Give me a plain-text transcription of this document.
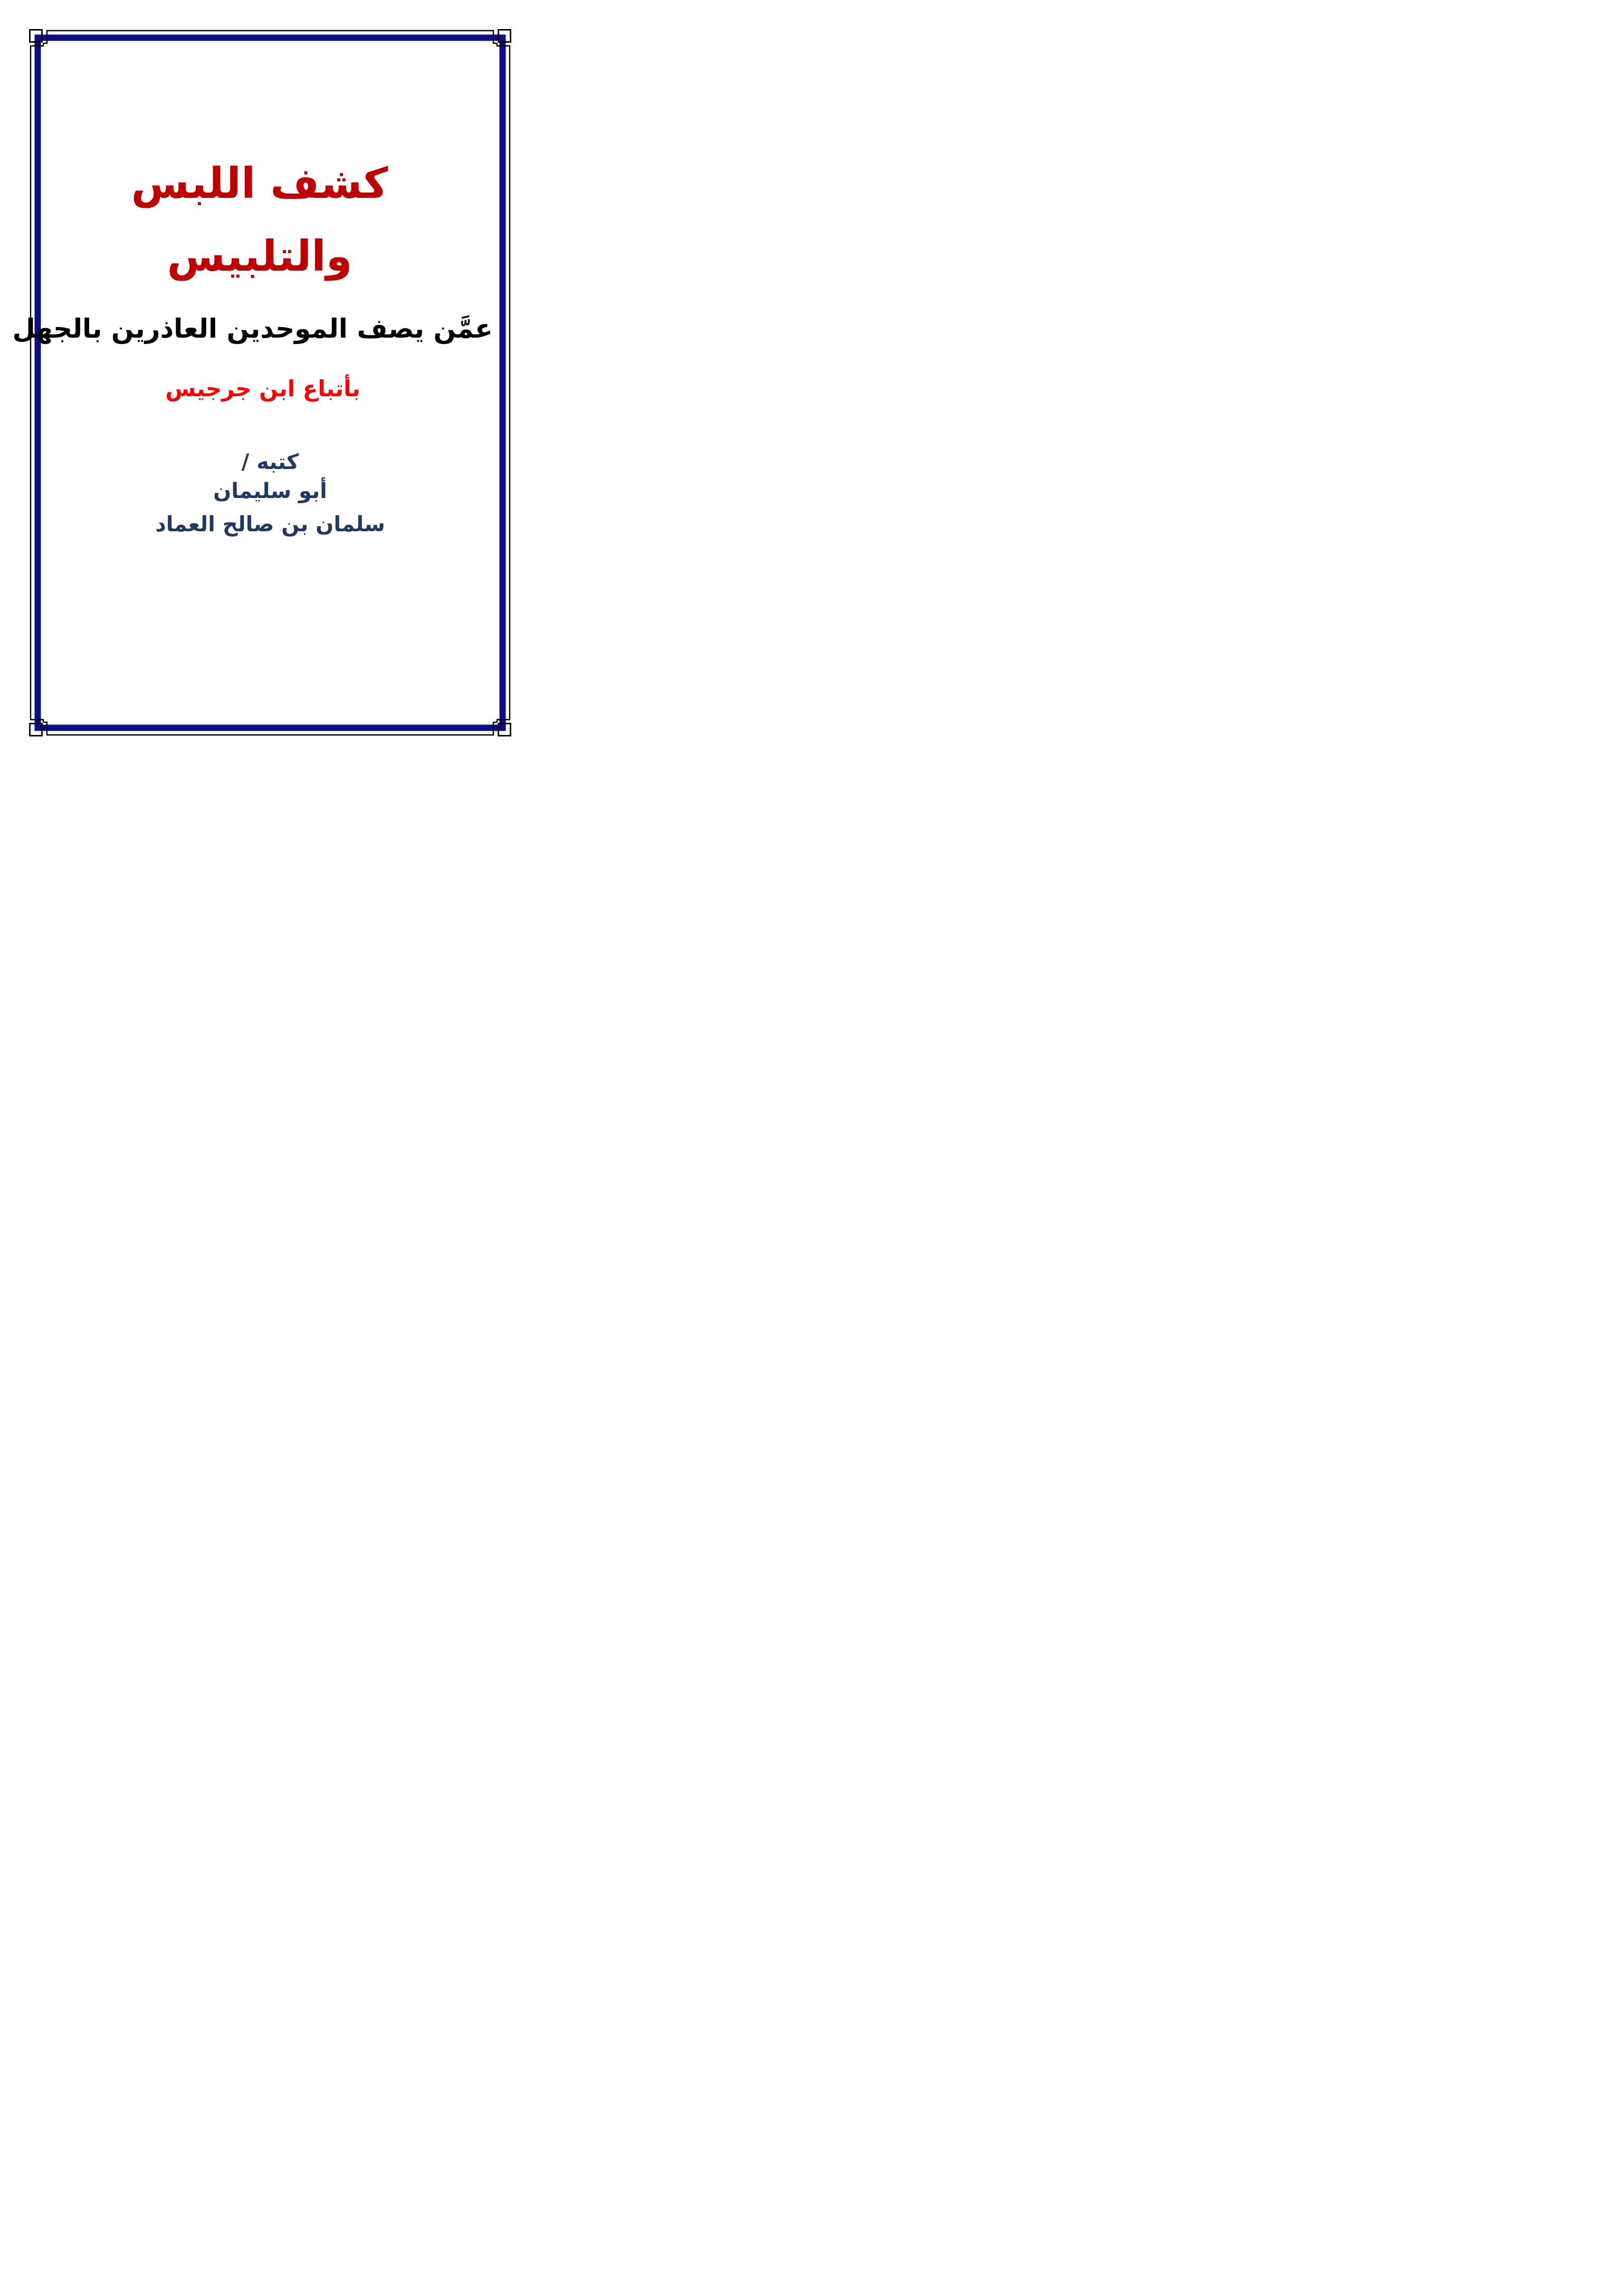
كشف اللبس
والتلبيس
عمَّن يصف الموحدين العاذرين بالجهل
بأتباع ابن جرجيس
كتبه /
أبو سليمان
سلمان بن صالح العماد
